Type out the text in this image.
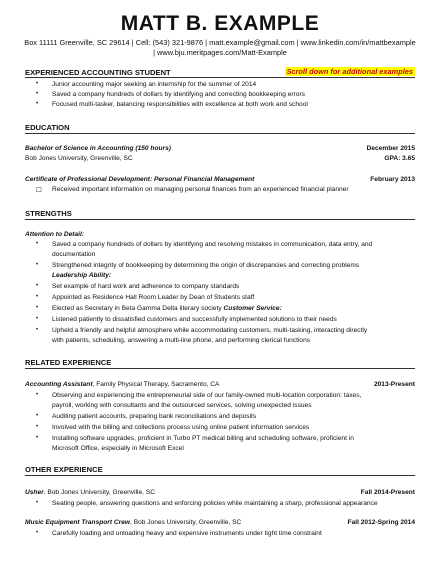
MATT B. EXAMPLE
Box 11111 Greenville, SC 29614 | Cell: (543) 321-9876 | matt.example@gmail.com | www.linkedin.com/in/mattbexample
| www.bju.meritpages.com/Matt-Example
EXPERIENCED ACCOUNTING STUDENT	Scroll down for additional examples
• Junior accounting major seeking an internship for the summer of 2014
• Saved a company hundreds of dollars by identifying and correcting bookkeeping errors
• Focused multi-tasker, balancing responsibilities with excellence at both work and school
EDUCATION
Bachelor of Science in Accounting (150 hours)	December 2015
Bob Jones University, Greenville, SC	GPA: 3.65
Certificate of Professional Development: Personal Financial Management	February 2013
☐ Received important information on managing personal finances from an experienced financial planner
STRENGTHS
Attention to Detail:
• Saved a company hundreds of dollars by identifying and resolving mistakes in communication, data entry, and
documentation
• Strengthened integrity of bookkeeping by determining the origin of discrepancies and correcting problems
Leadership Ability:
• Set example of hard work and adherence to company standards
• Appointed as Residence Hall Room Leader by Dean of Students staff
• Elected as Secretary in Beta Gamma Delta literary society Customer Service:
• Listened patiently to dissatisfied customers and successfully implemented solutions to their needs
• Upheld a friendly and helpful atmosphere while accommodating customers, multi-tasking, interacting directly
with patients, scheduling, answering a multi-line phone, and performing clerical functions
RELATED EXPERIENCE
Accounting Assistant, Family Physical Therapy, Sacramento, CA	2013-Present
• Observing and experiencing the entrepreneurial side of our family-owned multi-location corporation: taxes,
payroll, working with consultants and the outsourced services, solving unexpected issues
• Auditing patient accounts, preparing bank reconciliations and deposits
• Involved with the billing and collections process using online patient information services
• Installing software upgrades, proficient in Turbo PT medical billing and scheduling software, proficient in
Microsoft Office, especially in Microsoft Excel
OTHER EXPERIENCE
Usher, Bob Jones University, Greenville, SC	Fall 2014-Present
• Seating people, answering questions and enforcing policies while maintaining a sharp, professional appearance
Music Equipment Transport Crew, Bob Jones University, Greenville, SC	Fall 2012-Spring 2014
• Carefully loading and unloading heavy and expensive instruments under tight time constraint
